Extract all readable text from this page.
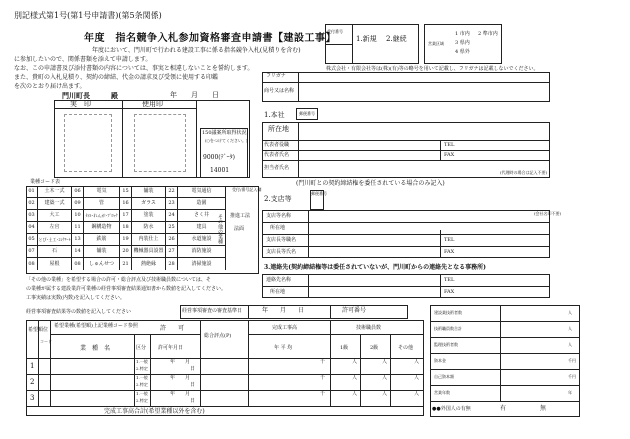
別記様式第1号(第1号申請書)(第5条関係)
年度　指名競争入札参加資格審査申請書【建設工事】
受付番号
1.新規 2.継続
営業区域
1 市内 2 準市内
3 県内
4 県外
年度において、門川町で行われる建設工事に係る指名競争入札(見積りを含む)
に参加したいので、関係書類を添えて申請します。
なお、この申請書及び添付書類の内容については、事実と相違しないことを誓約します。
また、貴町の入札見積り、契約の締結、代金の請求及び受領に使用する印鑑
を次のとおり届け出ます。
株式会社・有限会社等は(株)(有)等の略号を用いて記載し、フリガナは記載しないでください。
門川町長　　　殿	年　　月　　日
実　印	使用印
150議案所取得状況
(○をつけてください。)
9000(ﾃﾞｰﾀ)
14001
フリガナ
商号又は名称
1.本社	郵便番号
所在地
代表者役職
代表者氏名
担当者氏名
TEL
FAX
(代理時の場合は記入不要)
(門川町との契約締結権を委任されている場合のみ記入)
2.支店等
郵便番号
支店等名称
所在地
支店長等職名
支店長等氏名
(会社名印不要)
TEL
FAX
3.連絡先(契約締結権等は委任されていないが、門川町からの連絡先となる事務所)
連絡先名称
所在地
TEL
FAX
業種コード表
01	土木一式	06	電気	15	舗装	22	電気通信
02	建築一式	09	管	16	ガラス	23	造園
03	大工	10	ﾀｲﾙ･れんが･ﾌﾞﾛｯｸ 17	塗装	24	さく井
04	左官	11	鋼構造物	18	防水	25	建具
05 とび･土工･ｺﾝｸﾘｰﾄ 13	鉄筋	19	内装仕上	26	水道施設
07	石	14	舗装	20 機械器具設置 27	消防施設
08	屋根	08	しゅんせつ	21	熱絶縁	28	清掃施設
その他の業種
受付/番号記入欄
推進工法
法面
「その他の業種」を希望する場合の許可・総合評点及び技術職員数については、そ
の業種が属する建設業許可業種の経営事項審査結果通知書から数値を記入してください。
工事実績は実数(内数)を記入してください。
経営事項審査結果等の数値を記入してください	経営事項審査の審査基準日	年　　月　　日	許可番号
希望順位
コード
希望業種(希望順)上記業種コード参照
業　種　名
許　　可
区分 許可年月日
総合評点(P)
完成工事高
年 平 均
技術職員数
1級	2級	その他
1
1.一般
2.特定
年　　月
日
千	人	人	人
2
1.一般
2.特定
年　　月
日
千	人	人	人
3
1.一般
2.特定
年　　月
日
千	人	人	人
完成工事高合計(希望業種以外を含む)
建設業技術者数	人
技術職員数合計	人
監理技術者数	人
資本金	千円
自己資本額	千円
営業年数	年
●●外国人の有無	有	無
